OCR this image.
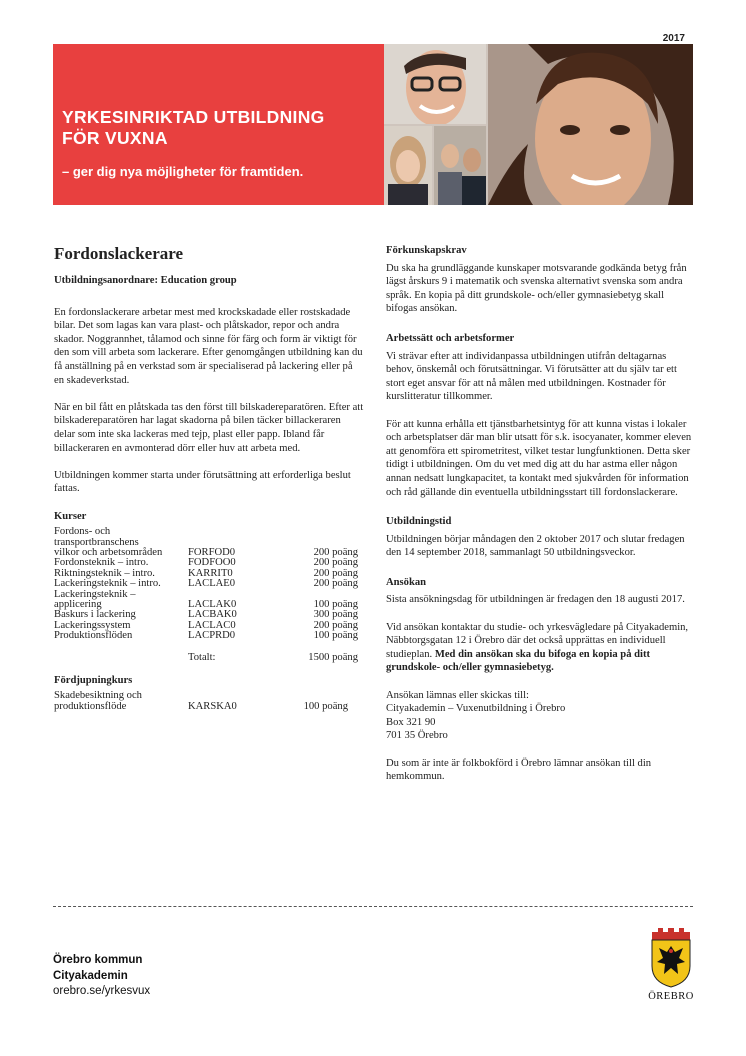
2017
YRKESINRIKTAD UTBILDNING
FÖR VUXNA
– ger dig nya möjligheter för framtiden.
Fordonslackerare

Utbildningsanordnare: Education group

En fordonslackerare arbetar mest med krockskadade eller rostskadade bilar. Det som lagas kan vara plast- och plåtskador, repor och andra skador. Noggrannhet, tålamod och sinne för färg och form är viktigt för den som vill arbeta som lackerare. Efter genomgången utbildning kan du få anställning på en verkstad som är specialiserad på lackering eller på en skadeverkstad.

När en bil fått en plåtskada tas den först till bilskadereparatören. Efter att bilskadereparatören har lagat skadorna på bilen täcker billackeraren delar som inte ska lackeras med tejp, plast eller papp. Ibland får billackeraren en avmonterad dörr eller huv att arbeta med.

Utbildningen kommer starta under förutsättning att erforderliga beslut fattas.

Kurser

Fordons- och		
transportbranschens		
vilkor och arbetsområden	FORFOD0	200 poäng
Fordonsteknik – intro.	FODFOO0	200 poäng
Riktningsteknik – intro.	KARRIT0	200 poäng
Lackeringsteknik – intro.	LACLAE0	200 poäng
Lackeringsteknik –		
applicering	LACLAK0	100 poäng
Baskurs i lackering	LACBAK0	300 poäng
Lackeringssystem	LACLAC0	200 poäng
Produktionsflöden	LACPRD0	100 poäng
	Totalt:	1500 poäng

Fördjupningkurs

Skadebesiktning och		
produktionsflöde	KARSKA0	100 poäng

Förkunskapskrav

Du ska ha grundläggande kunskaper motsvarande godkända betyg från lägst årskurs 9 i matematik och svenska alternativt svenska som andra språk. En kopia på ditt grundskole- och/eller gymnasiebetyg skall bifogas ansökan.

Arbetssätt och arbetsformer

Vi strävar efter att individanpassa utbildningen utifrån deltagarnas behov, önskemål och förutsättningar. Vi förutsätter att du själv tar ett stort eget ansvar för att nå målen med utbildningen. Kostnader för kurslitteratur tillkommer.

För att kunna erhålla ett tjänstbarhetsintyg för att kunna vistas i lokaler och arbetsplatser där man blir utsatt för s.k. isocyanater, kommer eleven att genomföra ett spirometritest, vilket testar lungfunktionen. Detta sker tidigt i utbildningen. Om du vet med dig att du har astma eller någon annan nedsatt lungkapacitet, ta kontakt med sjukvården för information och råd gällande din eventuella utbildningsstart till fordonslackerare.

Utbildningstid

Utbildningen börjar måndagen den 2 oktober 2017 och slutar fredagen den 14 september 2018, sammanlagt 50 utbildningsveckor.

Ansökan

Sista ansökningsdag för utbildningen är fredagen den 18 augusti 2017.

Vid ansökan kontaktar du studie- och yrkesvägledare på Cityakademin, Näbbtorgsgatan 12 i Örebro där det också upprättas en individuell studieplan. Med din ansökan ska du bifoga en kopia på ditt grundskole- och/eller gymnasiebetyg.

Ansökan lämnas eller skickas till:
Cityakademin – Vuxenutbildning i Örebro
Box 321 90
701 35 Örebro

Du som är inte är folkbokförd i Örebro lämnar ansökan till din hemkommun.

Örebro kommun
Cityakademin
orebro.se/yrkesvux	ÖREBRO
